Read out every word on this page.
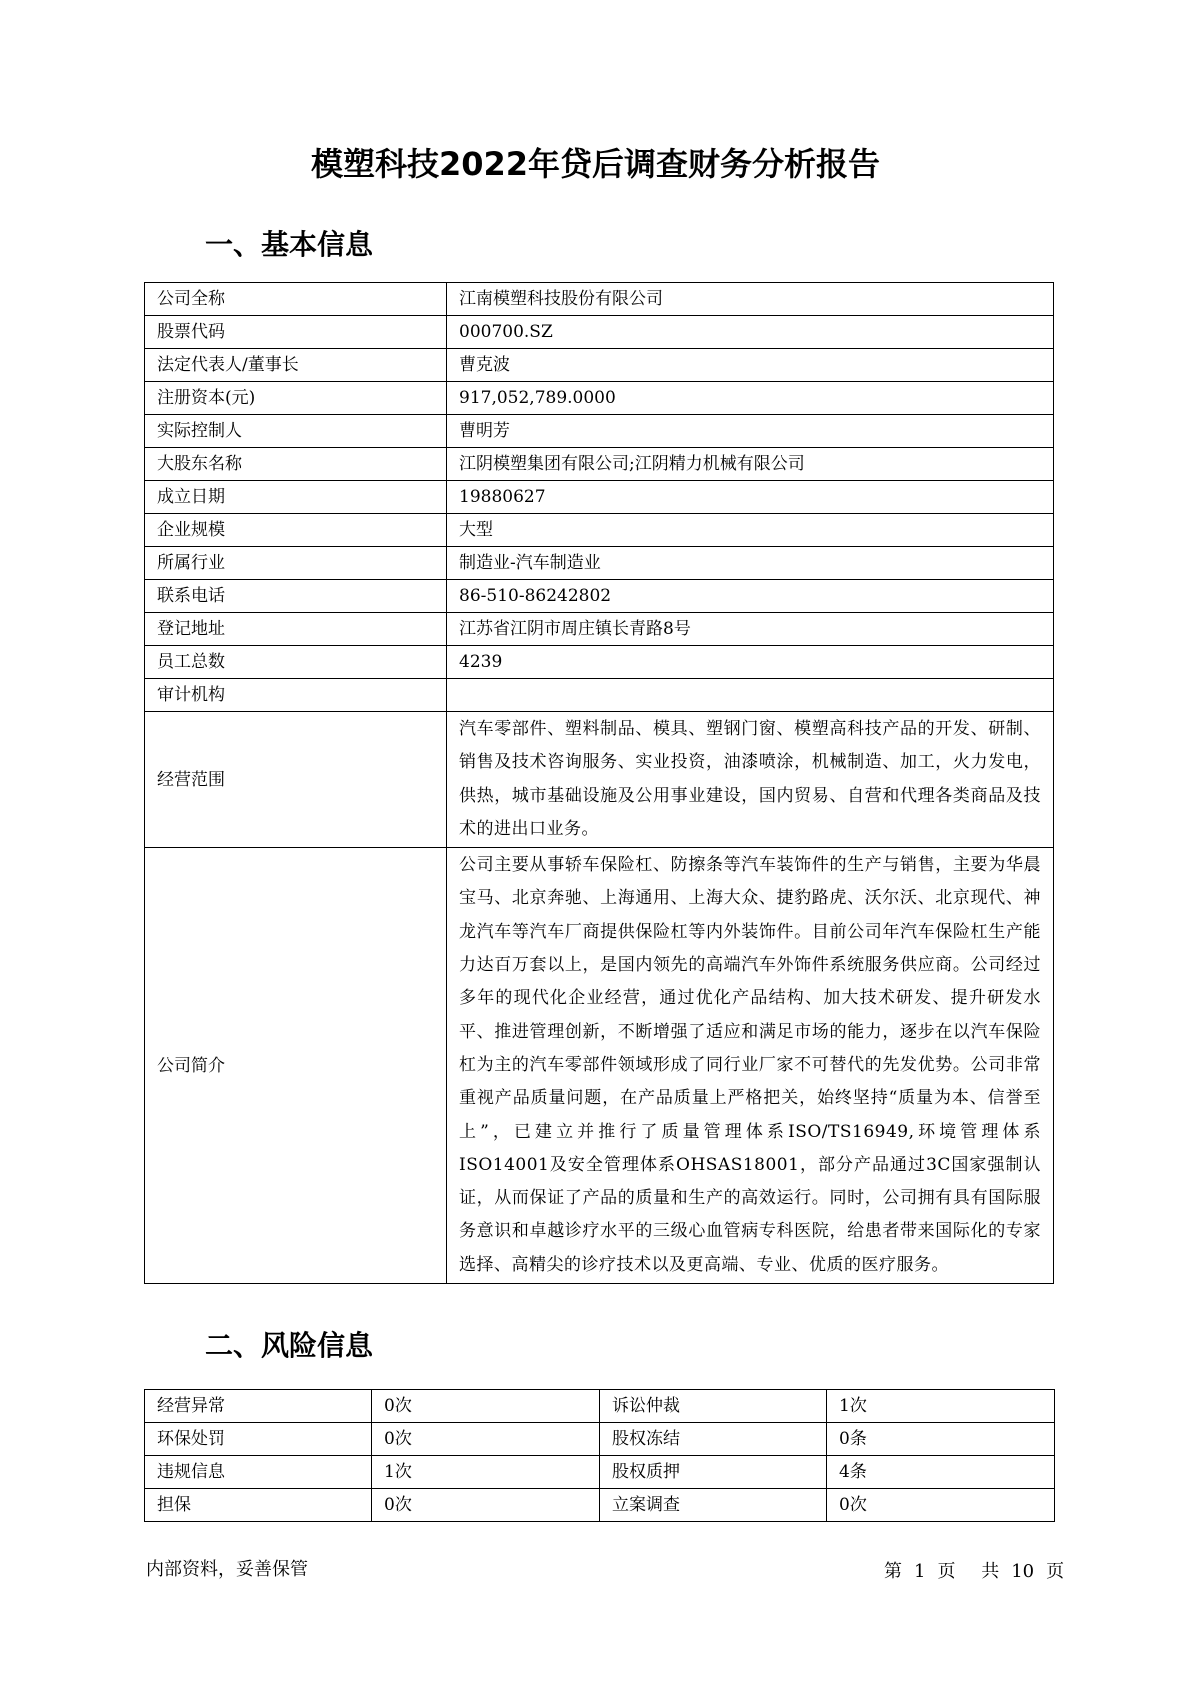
模塑科技2022年贷后调查财务分析报告
一、基本信息
公司全称	江南模塑科技股份有限公司
股票代码	000700.SZ
法定代表人/董事长	曹克波
注册资本(元)	917,052,789.0000
实际控制人	曹明芳
大股东名称	江阴模塑集团有限公司;江阴精力机械有限公司
成立日期	19880627
企业规模	大型
所属行业	制造业-汽车制造业
联系电话	86-510-86242802
登记地址	江苏省江阴市周庄镇长青路8号
员工总数	4239
审计机构	
经营范围	汽车零部件、塑料制品、模具、塑钢门窗、模塑高科技产品的开发、研制、销售及技术咨询服务、实业投资，油漆喷涂，机械制造、加工，火力发电，供热，城市基础设施及公用事业建设，国内贸易、自营和代理各类商品及技术的进出口业务。
公司简介	公司主要从事轿车保险杠、防擦条等汽车装饰件的生产与销售，主要为华晨宝马、北京奔驰、上海通用、上海大众、捷豹路虎、沃尔沃、北京现代、神龙汽车等汽车厂商提供保险杠等内外装饰件。目前公司年汽车保险杠生产能力达百万套以上，是国内领先的高端汽车外饰件系统服务供应商。公司经过多年的现代化企业经营，通过优化产品结构、加大技术研发、提升研发水平、推进管理创新，不断增强了适应和满足市场的能力，逐步在以汽车保险杠为主的汽车零部件领域形成了同行业厂家不可替代的先发优势。公司非常重视产品质量问题，在产品质量上严格把关，始终坚持“质量为本、信誉至上”，已建立并推行了质量管理体系ISO/TS16949,环境管理体系ISO14001及安全管理体系OHSAS18001，部分产品通过3C国家强制认证，从而保证了产品的质量和生产的高效运行。同时，公司拥有具有国际服务意识和卓越诊疗水平的三级心血管病专科医院，给患者带来国际化的专家选择、高精尖的诊疗技术以及更高端、专业、优质的医疗服务。
二、风险信息
经营异常	0次	诉讼仲裁	1次
环保处罚	0次	股权冻结	0条
违规信息	1次	股权质押	4条
担保	0次	立案调查	0次
内部资料，妥善保管	第 1 页 共 10 页
